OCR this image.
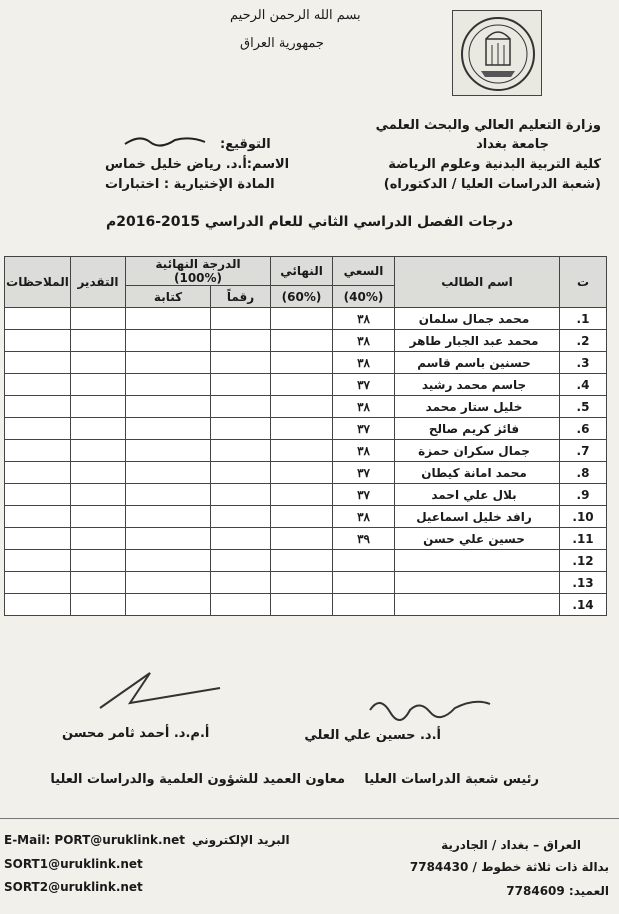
بسم الله الرحمن الرحيم
جمهورية العراق
وزارة التعليم العالي والبحث العلمي
جامعة بغداد
كلية التربية البدنية وعلوم الرياضة
(شعبة الدراسات العليا / الدكتوراه)
التوقيع:
الاسم:أ.د. رياض خليل خماس
المادة الإختيارية : اختبارات
درجات الفصل الدراسي الثاني للعام الدراسي 2015-2016م
ت	اسم الطالب	السعي	النهائي	الدرجة النهائية
(100%)		التقدير	الملاحظات
		(40%)	(60%)	رقماً	كتابة		
1.	محمد جمال سلمان	٣٨					
2.	محمد عبد الجبار طاهر	٣٨					
3.	حسنين باسم قاسم	٣٨					
4.	جاسم محمد رشيد	٣٧					
5.	خليل ستار محمد	٣٨					
6.	فائز كريم صالح	٣٧					
7.	جمال سكران حمزة	٣٨					
8.	محمد امانة كيطان	٣٧					
9.	بلال علي احمد	٣٧					
10.	رافد خليل اسماعيل	٣٨					
11.	حسين علي حسن	٣٩					
12.							
13.							
14.							
أ.د. حسين علي العلي
رئيس شعبة الدراسات العليا
أ.م.د. أحمد ثامر محسن
معاون العميد للشؤون العلمية والدراسات العليا
E-Mail: PORT@uruklink.net البريد الإلكتروني
SORT1@uruklink.net
SORT2@uruklink.net
العراق – بغداد / الجادرية
بدالة ذات ثلاثة خطوط / 7784430
العميد: 7784609
